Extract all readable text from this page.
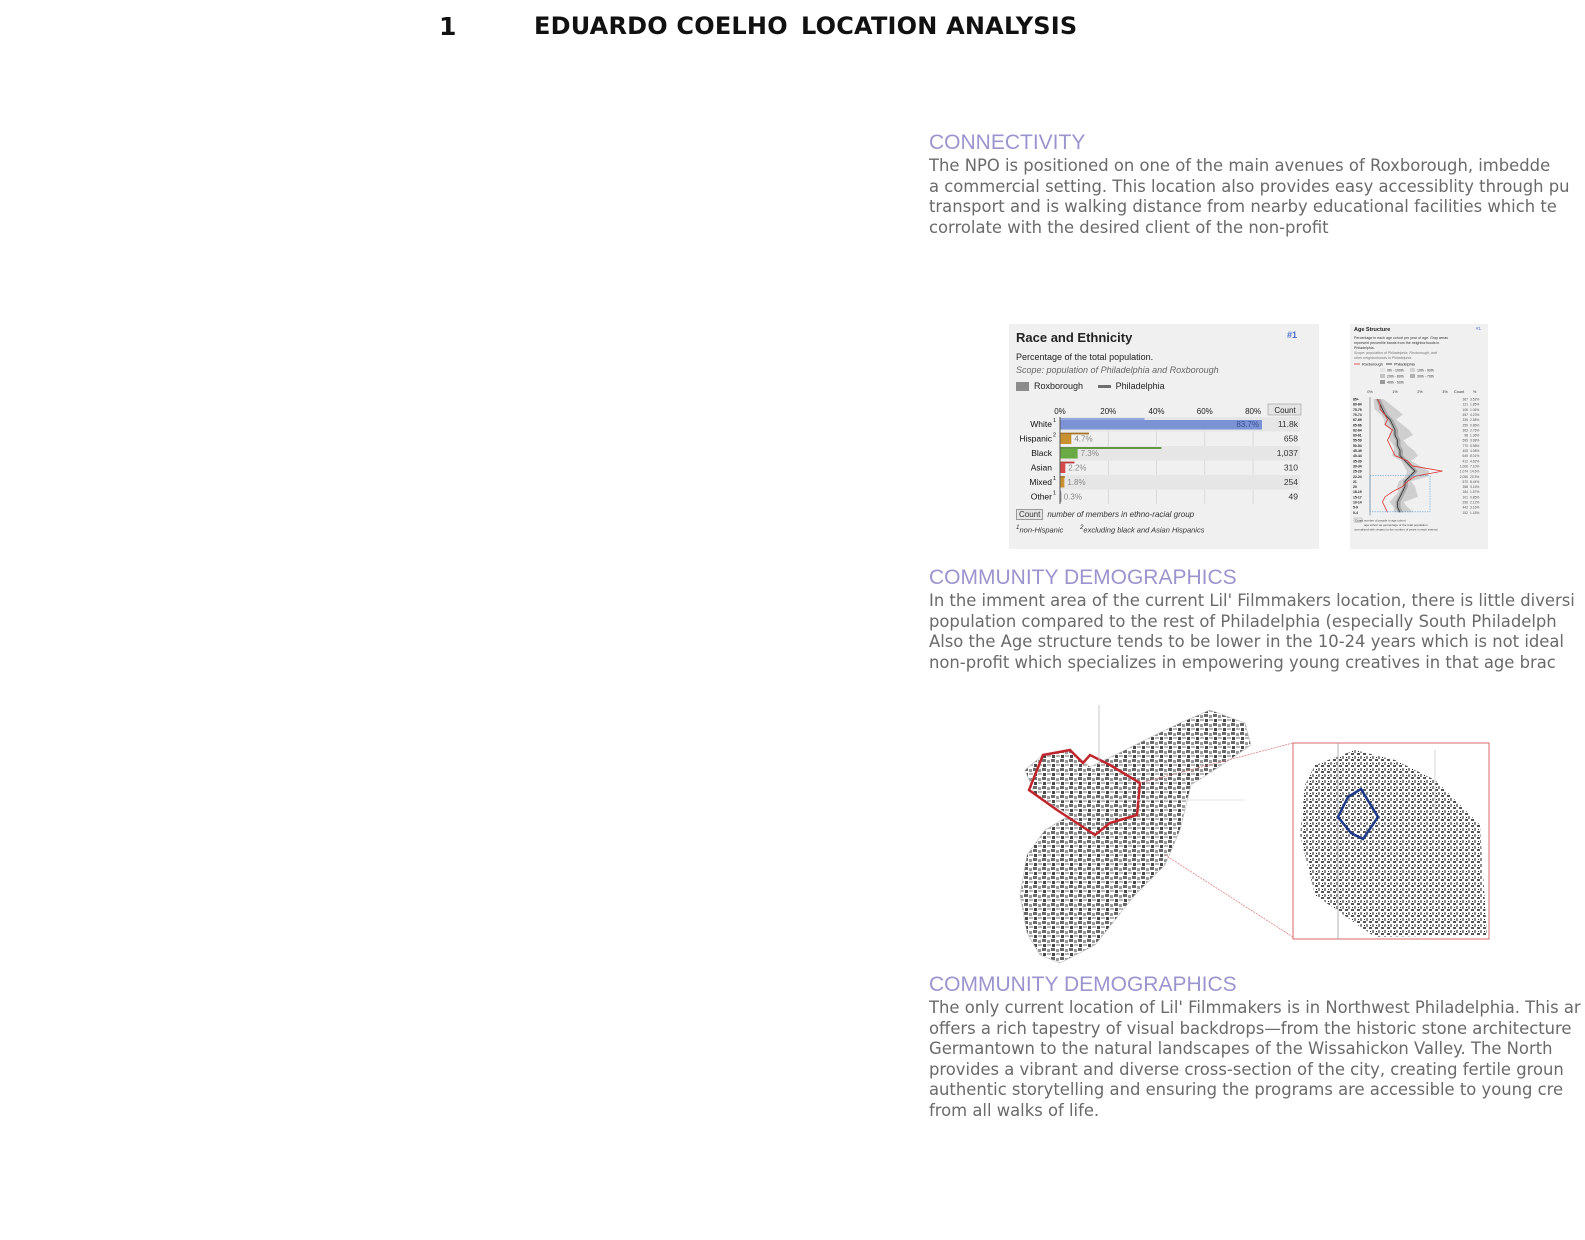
1	EDUARDO COELHO LOCATION ANALYSIS
CONNECTIVITY
The NPO is positioned on one of the main avenues of Roxborough, imbedde
a commercial setting. This location also provides easy accessiblity through pu
transport and is walking distance from nearby educational facilities which te
corrolate with the desired client of the non-profit
Race and Ethnicity	#1
Percentage of the total population.
Scope: population of Philadelphia and Roxborough
Roxborough	Philadelphia
0%	20%	40%	60%	80% Count
White 1	83.7% 11.8k
Hispanic 2 4.7%	658
Black	7.3%	1,037
Asian 2.2%	310
Mixed 1 1.8%	254
Other 1 0.3%	49
Count number of members in ethno-racial group
$^1$non-Hispanic	$^2$excluding black and Asian Hispanics
Age Structure	#1
Percentage in each age cohort per year of age. Gray areas
represent percentile bands from the neighborhoods in
Philadelphia.
Scope: population of Philadelphia, Roxborough, and
other neighborhoods in Philadelphia
Roxborough	Philadelphia
0th - 100th	10th - 90th
20th - 80th	30th - 70th
40th - 60th
0%	1%	2%	3% Count %
85+	367 3.52%
80-84	121 1.85%
75-79	106 1.06%
70-74	457 4.23%
67-69	335 2.58%
65-66	259 0.86%
62-64	363 2.76%
60-61	98 1.36%
55-59	595 3.98%
50-54	770 5.98%
45-49	405 4.08%
40-44	649 8.01%
35-39	412 4.62%
30-34	1,006 7.10%
25-29	1,074 14.6%
22-24	2,056 20.5%
21	570 8.44%
20	358 3.16%
18-19	184 1.57%
15-17	101 0.85%
10-14	296 2.12%
5-9	442 3.16%
0-4	152 1.18%
Count number of people in age cohort
age cohort as percentage of the total population
normalized with respect to the number of years in each interval
COMMUNITY DEMOGRAPHICS
In the imment area of the current Lil' Filmmakers location, there is little diversi
population compared to the rest of Philadelphia (especially South Philadelph
Also the Age structure tends to be lower in the 10-24 years which is not ideal
non-profit which specializes in empowering young creatives in that age brac
COMMUNITY DEMOGRAPHICS
The only current location of Lil' Filmmakers is in Northwest Philadelphia. This ar
offers a rich tapestry of visual backdrops—from the historic stone architecture
Germantown to the natural landscapes of the Wissahickon Valley. The North
provides a vibrant and diverse cross-section of the city, creating fertile groun
authentic storytelling and ensuring the programs are accessible to young cre
from all walks of life.
